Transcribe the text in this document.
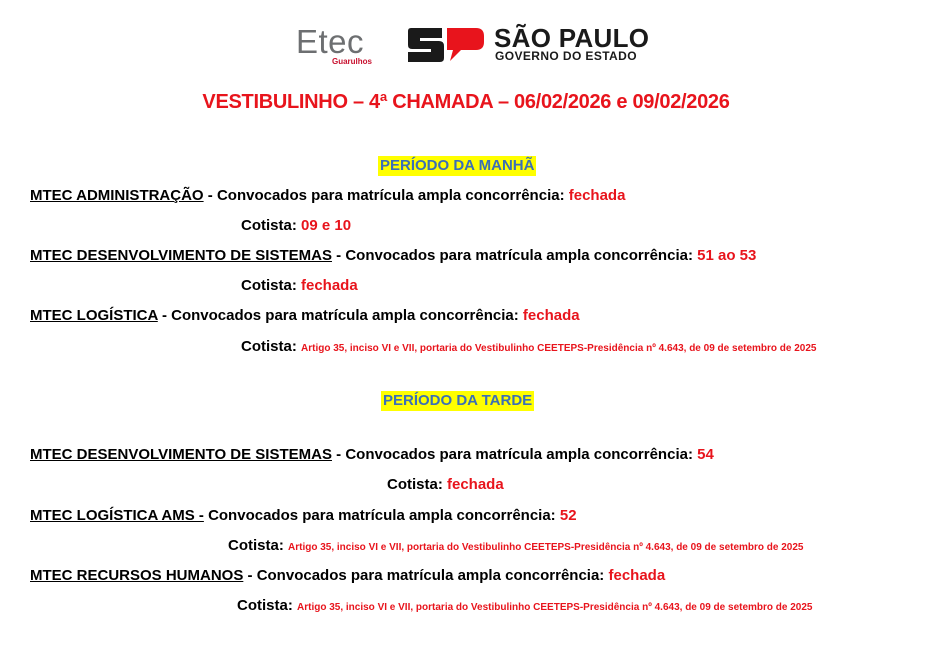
Etec
Guarulhos
SÃO PAULO
GOVERNO DO ESTADO
VESTIBULINHO – 4ª CHAMADA – 06/02/2026 e 09/02/2026
PERÍODO DA MANHÃ
MTEC ADMINISTRAÇÃO - Convocados para matrícula ampla concorrência: fechada
Cotista: 09 e 10
MTEC DESENVOLVIMENTO DE SISTEMAS - Convocados para matrícula ampla concorrência: 51 ao 53
Cotista: fechada
MTEC LOGÍSTICA - Convocados para matrícula ampla concorrência: fechada
Cotista: Artigo 35, inciso VI e VII, portaria do Vestibulinho CEETEPS-Presidência nº 4.643, de 09 de setembro de 2025
PERÍODO DA TARDE
MTEC DESENVOLVIMENTO DE SISTEMAS - Convocados para matrícula ampla concorrência: 54
Cotista: fechada
MTEC LOGÍSTICA AMS - Convocados para matrícula ampla concorrência: 52
Cotista: Artigo 35, inciso VI e VII, portaria do Vestibulinho CEETEPS-Presidência nº 4.643, de 09 de setembro de 2025
MTEC RECURSOS HUMANOS - Convocados para matrícula ampla concorrência: fechada
Cotista: Artigo 35, inciso VI e VII, portaria do Vestibulinho CEETEPS-Presidência nº 4.643, de 09 de setembro de 2025
